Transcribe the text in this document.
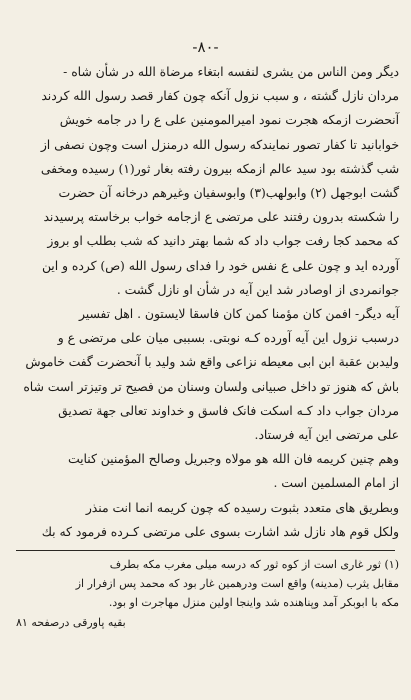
-۸۰-

دیگر ومن الناس من یشری لنفسه ابتغاء مرضاة الله در شأن شاه -

مردان نازل گشته ، و سبب نزول آنکه چون کفار قصد رسول الله کردند

آنحضرت ازمکه هجرت نمود امیرالمومنین علی ع را در جامه خویش

خوابانید تا کفار تصور نمایندکه رسول الله درمنزل است وچون نصفی از

شب گذشته بود سید عالم ازمکه بیرون رفته بغار ثور(۱) رسیده ومخفی

گشت ابوجهل (۲) وابولهب(۳) وابوسفیان وغیرهم درخانه آن حضرت

را شکسته بدرون رفتند علی مرتضی ع ازجامه خواب برخاسته پرسیدند

که محمد کجا رفت جواب داد که شما بهتر دانید که شب بطلب او بروز

آورده اید و چون علی ع نفس خود را فدای رسول الله (ص) کرده و این

جوانمردی از اوصادر شد این آیه در شأن او نازل گشت .

آیه دیگر- افمن کان مؤمنا کمن کان فاسقا لایستون . اهل تفسیر

درسبب نزول این آیه آورده کـه نوبتی. بسببی میان علی مرتضی ع و

ولیدبن عقبة ابن ابی معیطه نزاعی واقع شد ولید با آنحضرت گفت خاموش

باش که هنوز تو داخل صبیانی ولسان وسنان من فصیح تر وتیزتر است شاه

مردان جواب داد کـه اسکت فانک فاسق و خداوند تعالی جهة تصدیق

علی مرتضی این آیه فرستاد.

وهم چنین کریمه فان الله هو مولاه وجبریل وصالح المؤمنین کنایت

از امام المسلمین است .

وبطریق های متعدد بثبوت رسیده که چون کریمه انما انت منذر

ولکل قوم هاد نازل شد اشارت بسوی علی مرتضی کـرده فرمود که بك

(۱) ثور غاری است از کوه ثور که درسه میلی مغرب مکه بطرف

مقابل یثرب (مدینه) واقع است ودرهمین غار بود که محمد پس ازفرار از

مکه با ابوبکر آمد وپناهنده شد واینجا اولین منزل مهاجرت او بود.

بقیه پاورقی درصفحه ۸۱
